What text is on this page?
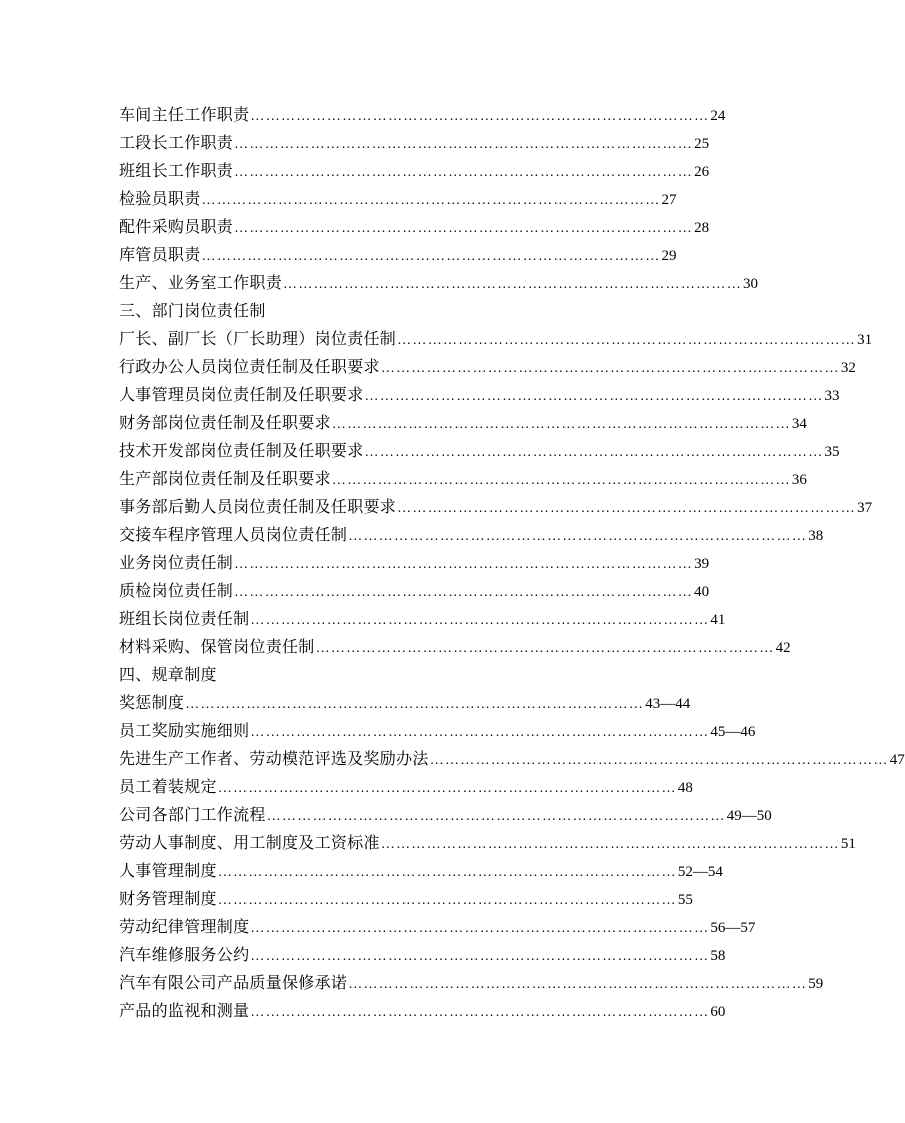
车间主任工作职责 ……………………………………………………………………………… 24
工段长工作职责 ……………………………………………………………………………… 25
班组长工作职责 ……………………………………………………………………………… 26
检验员职责 ……………………………………………………………………………… 27
配件采购员职责 ……………………………………………………………………………… 28
库管员职责 ……………………………………………………………………………… 29
生产、业务室工作职责 ……………………………………………………………………………… 30
三、部门岗位责任制
厂长、副厂长（厂长助理）岗位责任制 ……………………………………………………………………………… 31
行政办公人员岗位责任制及任职要求 ……………………………………………………………………………… 32
人事管理员岗位责任制及任职要求 ……………………………………………………………………………… 33
财务部岗位责任制及任职要求 ……………………………………………………………………………… 34
技术开发部岗位责任制及任职要求 ……………………………………………………………………………… 35
生产部岗位责任制及任职要求 ……………………………………………………………………………… 36
事务部后勤人员岗位责任制及任职要求 ……………………………………………………………………………… 37
交接车程序管理人员岗位责任制 ……………………………………………………………………………… 38
业务岗位责任制 ……………………………………………………………………………… 39
质检岗位责任制 ……………………………………………………………………………… 40
班组长岗位责任制 ……………………………………………………………………………… 41
材料采购、保管岗位责任制 ……………………………………………………………………………… 42
四、规章制度
奖惩制度 ……………………………………………………………………………… 43—44
员工奖励实施细则 ……………………………………………………………………………… 45—46
先进生产工作者、劳动模范评选及奖励办法 ……………………………………………………………………………… 47
员工着装规定 ……………………………………………………………………………… 48
公司各部门工作流程 ……………………………………………………………………………… 49—50
劳动人事制度、用工制度及工资标准 ……………………………………………………………………………… 51
人事管理制度 ……………………………………………………………………………… 52—54
财务管理制度 ……………………………………………………………………………… 55
劳动纪律管理制度 ……………………………………………………………………………… 56—57
汽车维修服务公约 ……………………………………………………………………………… 58
汽车有限公司产品质量保修承诺 ……………………………………………………………………………… 59
产品的监视和测量 ……………………………………………………………………………… 60
